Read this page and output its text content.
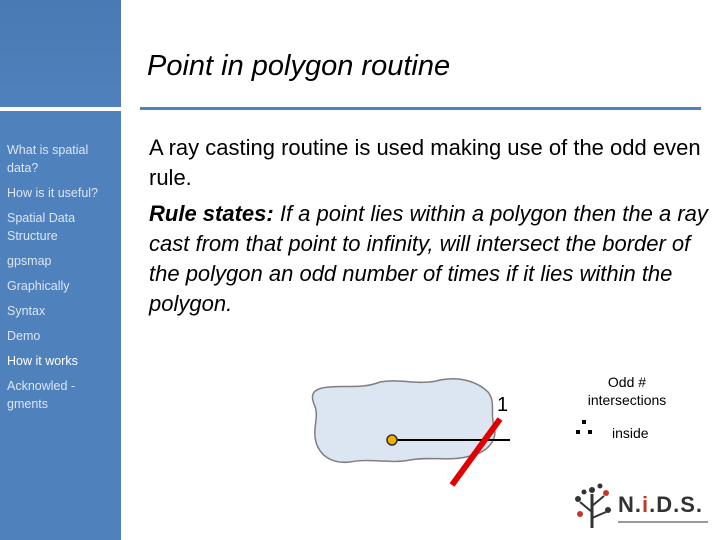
Point in polygon routine
What is spatial data?
How is it useful?
Spatial Data Structure
gpsmap
Graphically
Syntax
Demo
How it works
Acknowled - gments

A ray casting routine is used making use of the odd even rule.

Rule states: If a point lies within a polygon then the a ray cast from that point to infinity, will intersect the border of the polygon an odd number of times if it lies within the polygon.

1
Odd # intersections
inside
N.i.D.S.
